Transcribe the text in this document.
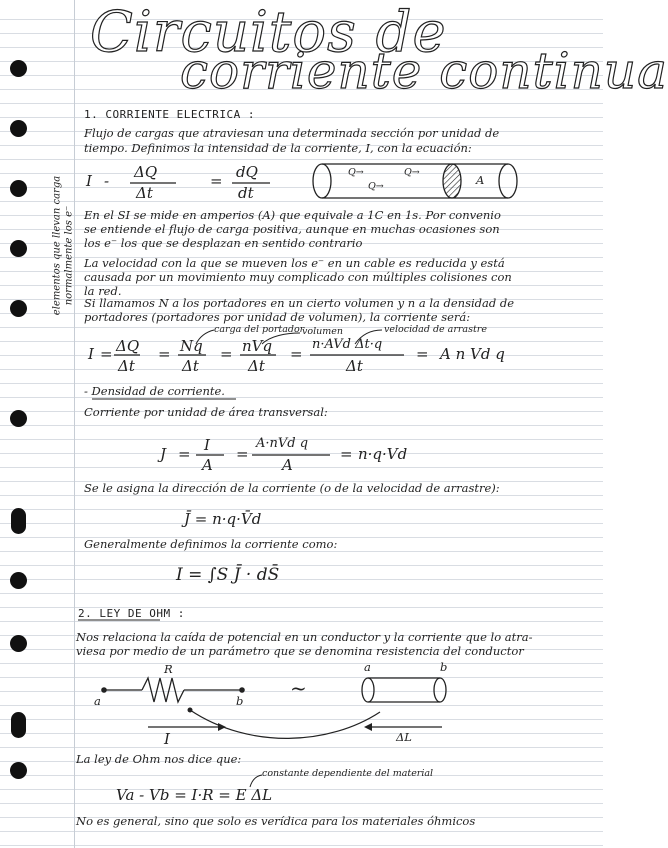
elementos que llevan carga normalmente los e⁻
Circuitos de
corriente continua
1. CORRIENTE ELECTRICA :
Flujo de cargas que atraviesan una determinada sección por unidad de
tiempo. Definimos la intensidad de la corriente, I, con la ecuación:
I - ΔQ
Δt
= dQ
dt
Q→
Q→
Q→
A
En el SI se mide en amperios (A) que equivale a 1C en 1s. Por convenio
se entiende el flujo de carga positiva, aunque en muchas ocasiones son
los e⁻ los que se desplazan en sentido contrario
La velocidad con la que se mueven los e⁻ en un cable es reducida y está
causada por un movimiento muy complicado con múltiples colisiones con
la red.
Si llamamos N a los portadores en un cierto volumen y n a la densidad de
portadores (portadores por unidad de volumen), la corriente será:
carga del portador
volumen	velocidad de arrastre
I = ΔQ
Δt
= Nq
Δt
= nVq
Δt
=
n·AVd Δt·q
Δt
= A n Vd q
- Densidad de corriente.
Corriente por unidad de área transversal:
J = I
A
=
A·nVd q
A
= n·q·Vd
Se le asigna la dirección de la corriente (o de la velocidad de arrastre):
J̄ = n·q·V̄d
Generalmente definimos la corriente como:
I = ∫S J̄ · dS̄
2. LEY DE OHM :
Nos relaciona la caída de potencial en un conductor y la corriente que lo atra-
viesa por medio de un parámetro que se denomina resistencia del conductor
R
a	b
I
~
a	b
ΔL
La ley de Ohm nos dice que:
constante dependiente del material
Va - Vb = I·R = E ΔL
No es general, sino que solo es verídica para los materiales óhmicos
